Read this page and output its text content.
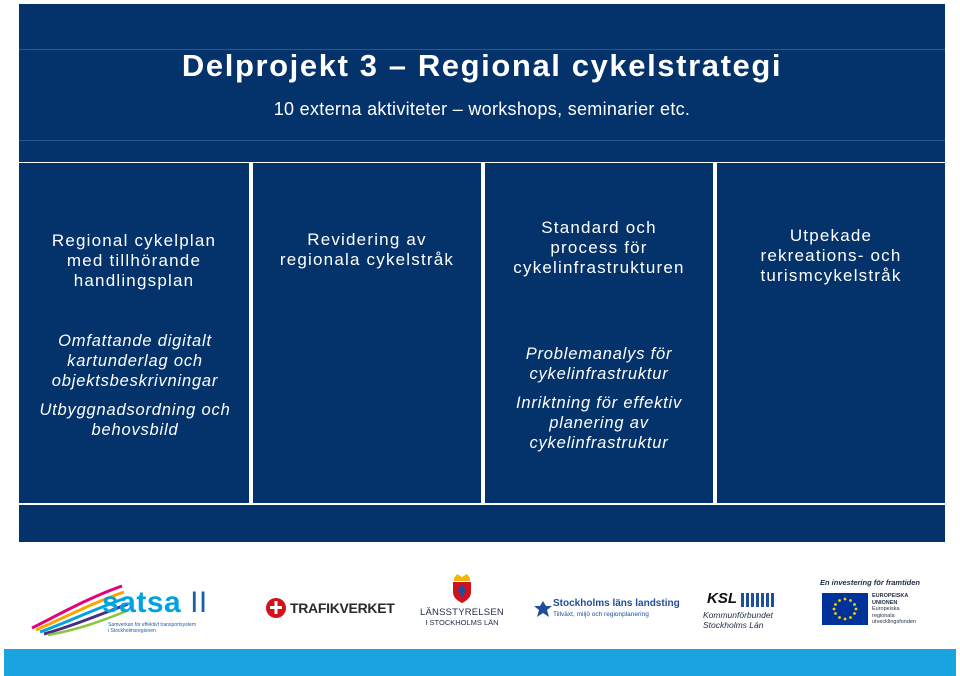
Delprojekt 3 – Regional cykelstrategi
10 externa aktiviteter – workshops, seminarier etc.
Regional cykelplan
med tillhörande
handlingsplan
Revidering av
regionala cykelstråk
Standard och
process för
cykelinfrastrukturen
Utpekade
rekreations- och
turismcykelstråk
Omfattande digitalt
kartunderlag och
objektsbeskrivningar
Utbyggnadsordning och
behovsbild
Problemanalys för
cykelinfrastruktur
Inriktning för effektiv
planering av
cykelinfrastruktur
satsa II
Samverkan för effektivt transportsystem
i Stockholmsregionen
TRAFIKVERKET	LÄNSSTYRELSEN
I STOCKHOLMS LÄN
Stockholms läns landsting
Tillväxt, miljö och regionplanering
KSL
Kommunförbundet
Stockholms Län
En investering för framtiden
EUROPEISKA
UNIONEN
Europeiska
regionala
utvecklingsfonden
